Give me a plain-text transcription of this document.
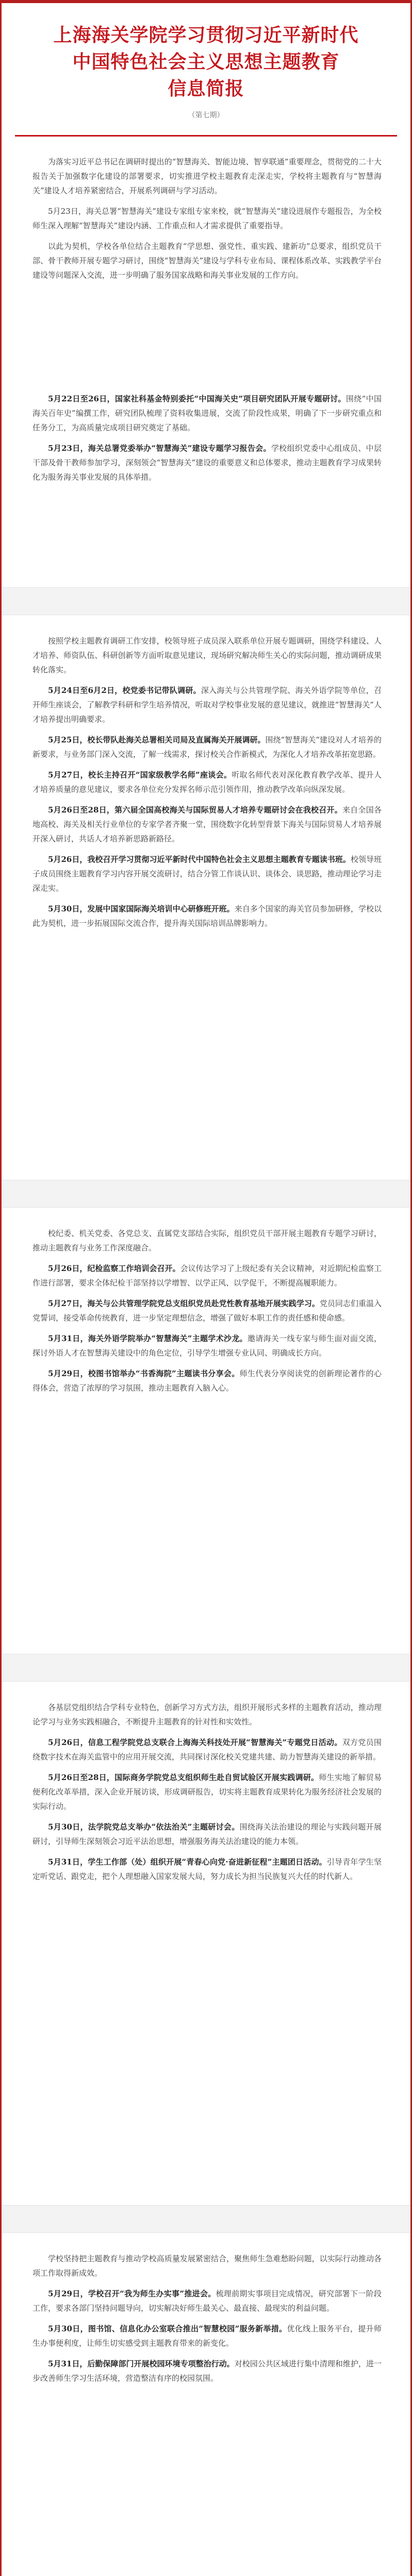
上海海关学院学习贯彻习近平新时代
中国特色社会主义思想主题教育
信息简报
（第七期）

为落实习近平总书记在调研时提出的“智慧海关、智能边境、智享联通”重要理念，贯彻党的二十大报告关于加强数字化建设的部署要求，切实推进学校主题教育走深走实，学校将主题教育与“智慧海关”建设人才培养紧密结合，开展系列调研与学习活动。

5月23日，海关总署“智慧海关”建设专家组专家来校，就“智慧海关”建设进展作专题报告，为全校师生深入理解“智慧海关”建设内涵、工作重点和人才需求提供了重要指导。

以此为契机，学校各单位结合主题教育“学思想、强党性、重实践、建新功”总要求，组织党员干部、骨干教师开展专题学习研讨，围绕“智慧海关”建设与学科专业布局、课程体系改革、实践教学平台建设等问题深入交流，进一步明确了服务国家战略和海关事业发展的工作方向。

5月22日至26日，国家社科基金特别委托“中国海关史”项目研究团队开展专题研讨。围绕“中国海关百年史”编撰工作，研究团队梳理了资料收集进展，交流了阶段性成果，明确了下一步研究重点和任务分工，为高质量完成项目研究奠定了基础。

5月23日，海关总署党委举办“智慧海关”建设专题学习报告会。学校组织党委中心组成员、中层干部及骨干教师参加学习，深刻领会“智慧海关”建设的重要意义和总体要求，推动主题教育学习成果转化为服务海关事业发展的具体举措。

按照学校主题教育调研工作安排，校领导班子成员深入联系单位开展专题调研，围绕学科建设、人才培养、师资队伍、科研创新等方面听取意见建议，现场研究解决师生关心的实际问题，推动调研成果转化落实。

5月24日至6月2日，校党委书记带队调研。深入海关与公共管理学院、海关外语学院等单位，召开师生座谈会，了解教学科研和学生培养情况，听取对学校事业发展的意见建议，就推进“智慧海关”人才培养提出明确要求。

5月25日，校长带队赴海关总署相关司局及直属海关开展调研。围绕“智慧海关”建设对人才培养的新要求，与业务部门深入交流，了解一线需求，探讨校关合作新模式，为深化人才培养改革拓宽思路。

5月27日，校长主持召开“国家级教学名师”座谈会。听取名师代表对深化教育教学改革、提升人才培养质量的意见建议，要求各单位充分发挥名师示范引领作用，推动教学改革向纵深发展。

5月26日至28日，第六届全国高校海关与国际贸易人才培养专题研讨会在我校召开。来自全国各地高校、海关及相关行业单位的专家学者齐聚一堂，围绕数字化转型背景下海关与国际贸易人才培养展开深入研讨，共话人才培养新思路新路径。

5月26日，我校召开学习贯彻习近平新时代中国特色社会主义思想主题教育专题读书班。校领导班子成员围绕主题教育学习内容开展交流研讨，结合分管工作谈认识、谈体会、谈思路，推动理论学习走深走实。

5月30日，发展中国家国际海关培训中心研修班开班。来自多个国家的海关官员参加研修，学校以此为契机，进一步拓展国际交流合作，提升海关国际培训品牌影响力。

校纪委、机关党委、各党总支、直属党支部结合实际，组织党员干部开展主题教育专题学习研讨，推动主题教育与业务工作深度融合。

5月26日，纪检监察工作培训会召开。会议传达学习了上级纪委有关会议精神，对近期纪检监察工作进行部署，要求全体纪检干部坚持以学增智、以学正风、以学促干，不断提高履职能力。

5月27日，海关与公共管理学院党总支组织党员赴党性教育基地开展实践学习。党员同志们重温入党誓词，接受革命传统教育，进一步坚定理想信念，增强了做好本职工作的责任感和使命感。

5月31日，海关外语学院举办“智慧海关”主题学术沙龙。邀请海关一线专家与师生面对面交流，探讨外语人才在智慧海关建设中的角色定位，引导学生增强专业认同、明确成长方向。

5月29日，校图书馆举办“书香海院”主题读书分享会。师生代表分享阅读党的创新理论著作的心得体会，营造了浓厚的学习氛围，推动主题教育入脑入心。

各基层党组织结合学科专业特色，创新学习方式方法，组织开展形式多样的主题教育活动，推动理论学习与业务实践相融合，不断提升主题教育的针对性和实效性。

5月26日，信息工程学院党总支联合上海海关科技处开展“智慧海关”专题党日活动。双方党员围绕数字技术在海关监管中的应用开展交流，共同探讨深化校关党建共建、助力智慧海关建设的新举措。

5月26日至28日，国际商务学院党总支组织师生赴自贸试验区开展实践调研。师生实地了解贸易便利化改革举措，深入企业开展访谈，形成调研报告，切实将主题教育成果转化为服务经济社会发展的实际行动。

5月30日，法学院党总支举办“依法治关”主题研讨会。围绕海关法治建设的理论与实践问题开展研讨，引导师生深刻领会习近平法治思想，增强服务海关法治建设的能力本领。

5月31日，学生工作部（处）组织开展“青春心向党·奋进新征程”主题团日活动。引导青年学生坚定听党话、跟党走，把个人理想融入国家发展大局，努力成长为担当民族复兴大任的时代新人。

学校坚持把主题教育与推动学校高质量发展紧密结合，聚焦师生急难愁盼问题，以实际行动推动各项工作取得新成效。

5月29日，学校召开“我为师生办实事”推进会。梳理前期实事项目完成情况，研究部署下一阶段工作，要求各部门坚持问题导向，切实解决好师生最关心、最直接、最现实的利益问题。

5月30日，图书馆、信息化办公室联合推出“智慧校园”服务新举措。优化线上服务平台，提升师生办事便利度，让师生切实感受到主题教育带来的新变化。

5月31日，后勤保障部门开展校园环境专项整治行动。对校园公共区域进行集中清理和维护，进一步改善师生学习生活环境，营造整洁有序的校园氛围。
